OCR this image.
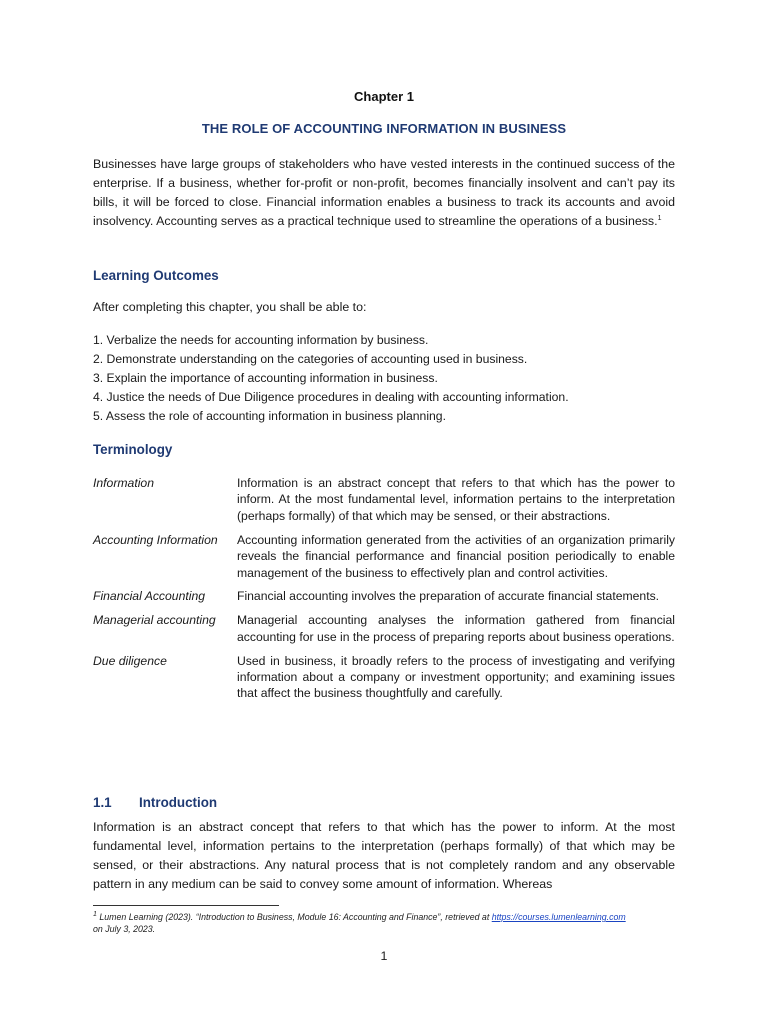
Chapter 1
THE ROLE OF ACCOUNTING INFORMATION IN BUSINESS
Businesses have large groups of stakeholders who have vested interests in the continued success of the enterprise. If a business, whether for-profit or non-profit, becomes financially insolvent and can’t pay its bills, it will be forced to close. Financial information enables a business to track its accounts and avoid insolvency. Accounting serves as a practical technique used to streamline the operations of a business.$^1$
Learning Outcomes
After completing this chapter, you shall be able to:
1. Verbalize the needs for accounting information by business.
2. Demonstrate understanding on the categories of accounting used in business.
3. Explain the importance of accounting information in business.
4. Justice the needs of Due Diligence procedures in dealing with accounting information.
5. Assess the role of accounting information in business planning.
Terminology
Information	Information is an abstract concept that refers to that which has the power to inform. At the most fundamental level, information pertains to the interpretation (perhaps formally) of that which may be sensed, or their abstractions.
Accounting Information	Accounting information generated from the activities of an organization primarily reveals the financial performance and financial position periodically to enable management of the business to effectively plan and control activities.
Financial Accounting	Financial accounting involves the preparation of accurate financial statements.
Managerial accounting	Managerial accounting analyses the information gathered from financial accounting for use in the process of preparing reports about business operations.
Due diligence	Used in business, it broadly refers to the process of investigating and verifying information about a company or investment opportunity; and examining issues that affect the business thoughtfully and carefully.
1.1 Introduction
Information is an abstract concept that refers to that which has the power to inform. At the most fundamental level, information pertains to the interpretation (perhaps formally) of that which may be sensed, or their abstractions. Any natural process that is not completely random and any observable pattern in any medium can be said to convey some amount of information. Whereas
$^1$ Lumen Learning (2023). “Introduction to Business, Module 16: Accounting and Finance”, retrieved at https://courses.lumenlearning.com
on July 3, 2023.
1
